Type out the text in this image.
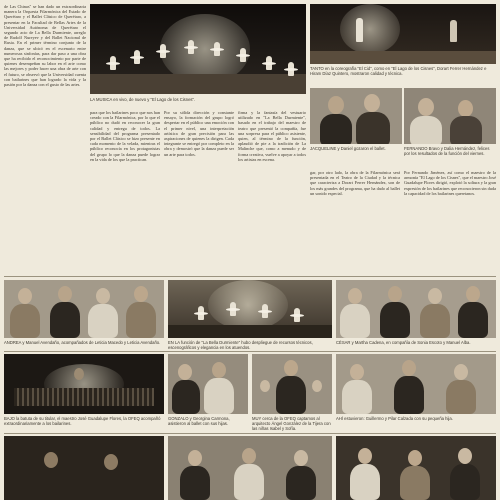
de Las Chinas" se han dado un extraordinaria manera la Orquesta Filarmónica del Estado de Querétaro y el Ballet Clásico de Querétaro, a presentar en la Facultad de Bellas Artes de la Universidad Autónoma de Querétaro el segundo acto de La Bella Durmiente, arreglo de Rudolf Nureyev y del Ballet Nacional de Rusia. En el primer término conjunto de la danza, que se ubicó en el escenario entre numerosas sinfonías, para dar paso a una obra que ha recibido el reconocimiento por parte de quienes desempeñan su labor en el arte como las mejores y poder hacer una obra de arte con el futuro, se observó que la Universidad cuenta con bailarines que han logrado la vida y la pasión por la danza con el gusto de las artes.
LA MUSICA en vivo, de nuevo y "El Lago de los Cisnes".
TANTO en la coreografía "El Cid", como en "El Lago de los Cisnes", Dorart Ferrer Hernández e Hiram Díaz Quintero, mostraron calidad y técnica.
JACQUELINE y Daniel gozaron el ballet.	FERNANDO Bravo y Dalia Hernández, felices por los resultados de la función del viernes.
para que los bailarines poco que nos han creado con la Filarmónica, por lo que el público no dudó en reconocer la gran calidad y entrega de todos. La sensibilidad del programa presentado por el Ballet Clásico se hizo presente en cada momento de la velada, mientras el público reconocía en los protagonistas del grupo lo que la danza puede lograr en la vida de los que la practican.
Por su sólida dirección y constante ensayo, la formación del grupo logró despertar en el público una emoción con el primer nivel, una interpretación artística de gran precisión para las aspiraciones de quienes la dirigen. Cada integrante se entregó por completo en la obra y demostró que la danza puede ser un arte para todos.
firma y la fantasía del vestuario utilizado en "La Bella Durmiente", basado en el trabajo del maestro de teatro que presentó la compañía, fue una sorpresa para el público asistente, quien, al término de la función, aplaudió de pie a la tradición de La Malinche que, como a menudo y de forma creativa, vuelve a apoyar a todos los artistas en escena.
gar, por otro lado, la obra de la Filarmónica será presentada en el Teatro de la Ciudad y la técnica que caracteriza a Dorart Ferrer Hernández, son de los más grandes del programa, que ha dado al ballet un sonido especial.
Por Fernando Jiménez, así como el maestro de la armonía "El Lago de los Cisnes", que el maestro José Guadalupe Flores dirigió, explotó la soltura y la gran expresión de los bailarines que reconocieron sin duda la capacidad de los bailarines queretanos.
ANDREA y Manuel Avendaño, acompañados de Leticia Macedo y Leticia Avendaño.	EN LA función de "La Bella Durmiente" hubo despliegue de recursos técnicos, escenográficos y elegancia en los atuendos.
CÉSAR y Martha Cadena, en compañía de Sonia Escoto y Manuel Alba.
BAJO la batuta de su titular, el maestro José Guadalupe Flores, la OFEQ acompañó extraordinariamente a los bailarines.
GONZALO y Georgina Carmona, asistieron al ballet con sus hijas.
MUY cerca de la OFEQ captamos al arquitecto Ángel González de la Tijera con las niñas Isabel y Sofía.
AHÍ estuvieron: Guillermo y Pilar Calzada con su pequeña hija.
